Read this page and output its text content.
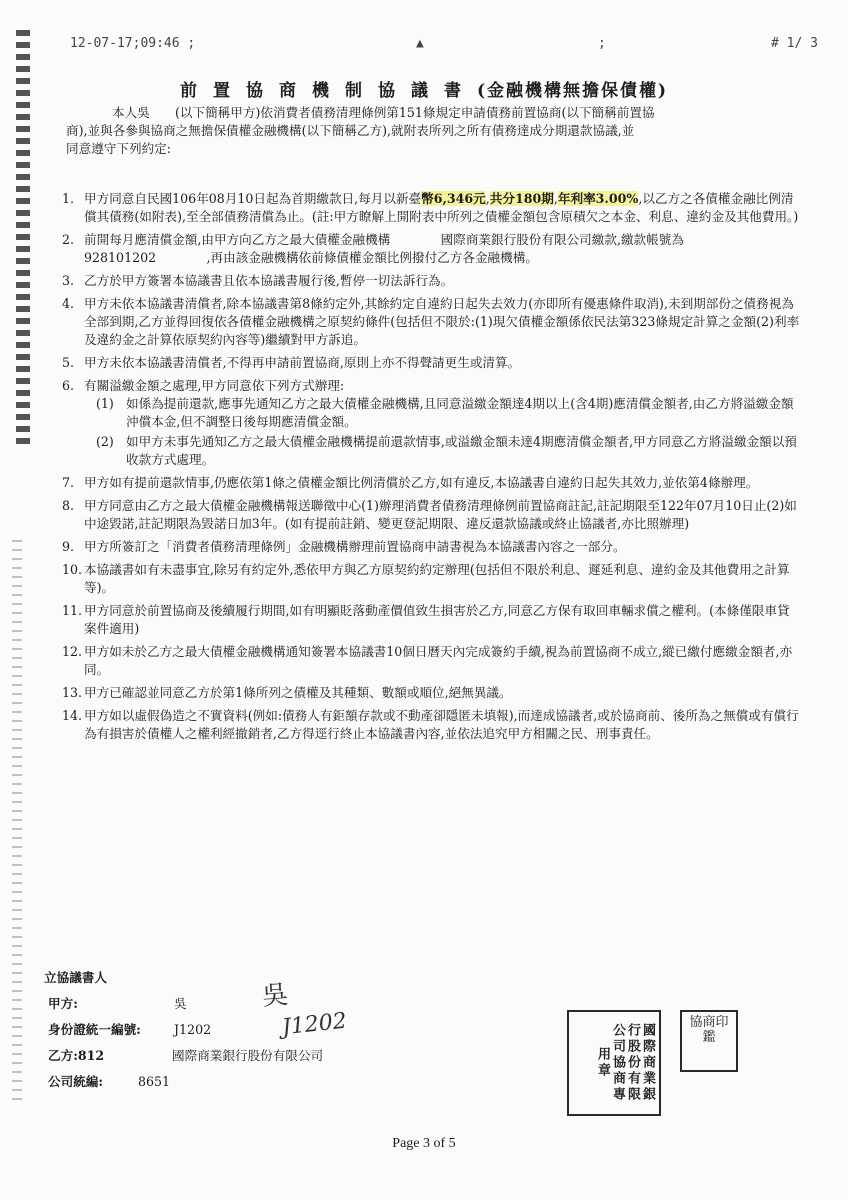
12-07-17;09:46 ;	▲	;	# 1/ 3
前置協商機制協議書(金融機構無擔保債權)
本人吳　　(以下簡稱甲方)依消費者債務清理條例第151條規定申請債務前置協商(以下簡稱前置協
商),並與各參與協商之無擔保債權金融機構(以下簡稱乙方),就附表所列之所有債務達成分期還款協議,並
同意遵守下列約定:
1. 甲方同意自民國106年08月10日起為首期繳款日,每月以新臺幣6,346元,共分180期,年利率3.00%,以乙方之各債權金融比例清償其債務(如附表),至全部債務清償為止。(註:甲方瞭解上開附表中所列之債權金額包含原積欠之本金、利息、違約金及其他費用。)
2. 前開每月應清償金額,由甲方向乙方之最大債權金融機構　　　　國際商業銀行股份有限公司繳款,繳款帳號為928101202　　　　,再由該金融機構依前條債權金額比例撥付乙方各金融機構。
3. 乙方於甲方簽署本協議書且依本協議書履行後,暫停一切法訴行為。
4. 甲方未依本協議書清償者,除本協議書第8條約定外,其餘約定自違約日起失去效力(亦即所有優惠條件取消),未到期部份之債務視為全部到期,乙方並得回復依各債權金融機構之原契約條件(包括但不限於:(1)現欠債權金額係依民法第323條規定計算之金額(2)利率及違約金之計算依原契約內容等)繼續對甲方訴追。
5. 甲方未依本協議書清償者,不得再申請前置協商,原則上亦不得聲請更生或清算。
6. 有關溢繳金額之處理,甲方同意依下列方式辦理:
(1) 如係為提前還款,應事先通知乙方之最大債權金融機構,且同意溢繳金額達4期以上(含4期)應清償金額者,由乙方將溢繳金額沖償本金,但不調整日後每期應清償金額。
(2) 如甲方未事先通知乙方之最大債權金融機構提前還款情事,或溢繳金額未達4期應清償金額者,甲方同意乙方將溢繳金額以預收款方式處理。
7. 甲方如有提前還款情事,仍應依第1條之債權金額比例清償於乙方,如有違反,本協議書自違約日起失其效力,並依第4條辦理。
8. 甲方同意由乙方之最大債權金融機構報送聯徵中心(1)辦理消費者債務清理條例前置協商註記,註記期限至122年07月10日止(2)如中途毀諾,註記期限為毀諾日加3年。(如有提前註銷、變更登記期限、違反還款協議或終止協議者,亦比照辦理)
9. 甲方所簽訂之「消費者債務清理條例」金融機構辦理前置協商申請書視為本協議書內容之一部分。
10. 本協議書如有未盡事宜,除另有約定外,悉依甲方與乙方原契約約定辦理(包括但不限於利息、遲延利息、違約金及其他費用之計算等)。
11. 甲方同意於前置協商及後續履行期間,如有明顯貶落動產價值致生損害於乙方,同意乙方保有取回車輛求償之權利。(本條僅限車貸案件適用)
12. 甲方如未於乙方之最大債權金融機構通知簽署本協議書10個日曆天內完成簽約手續,視為前置協商不成立,縱已繳付應繳金額者,亦同。
13. 甲方已確認並同意乙方於第1條所列之債權及其種類、數額或順位,絕無異議。
14. 甲方如以虛假偽造之不實資料(例如:債務人有鉅額存款或不動產卻隱匿未填報),而達成協議者,或於協商前、後所為之無償或有償行為有損害於債權人之權利經撤銷者,乙方得逕行終止本協議書內容,並依法追究甲方相關之民、刑事責任。
立協議書人
甲方:	吳
身份證統一編號:	J1202
乙方:812	國際商業銀行股份有限公司
公司統編:	8651
吳
J1202	國際商業銀行股份有限公司協商專用章
協商印鑑
Page 3 of 5
